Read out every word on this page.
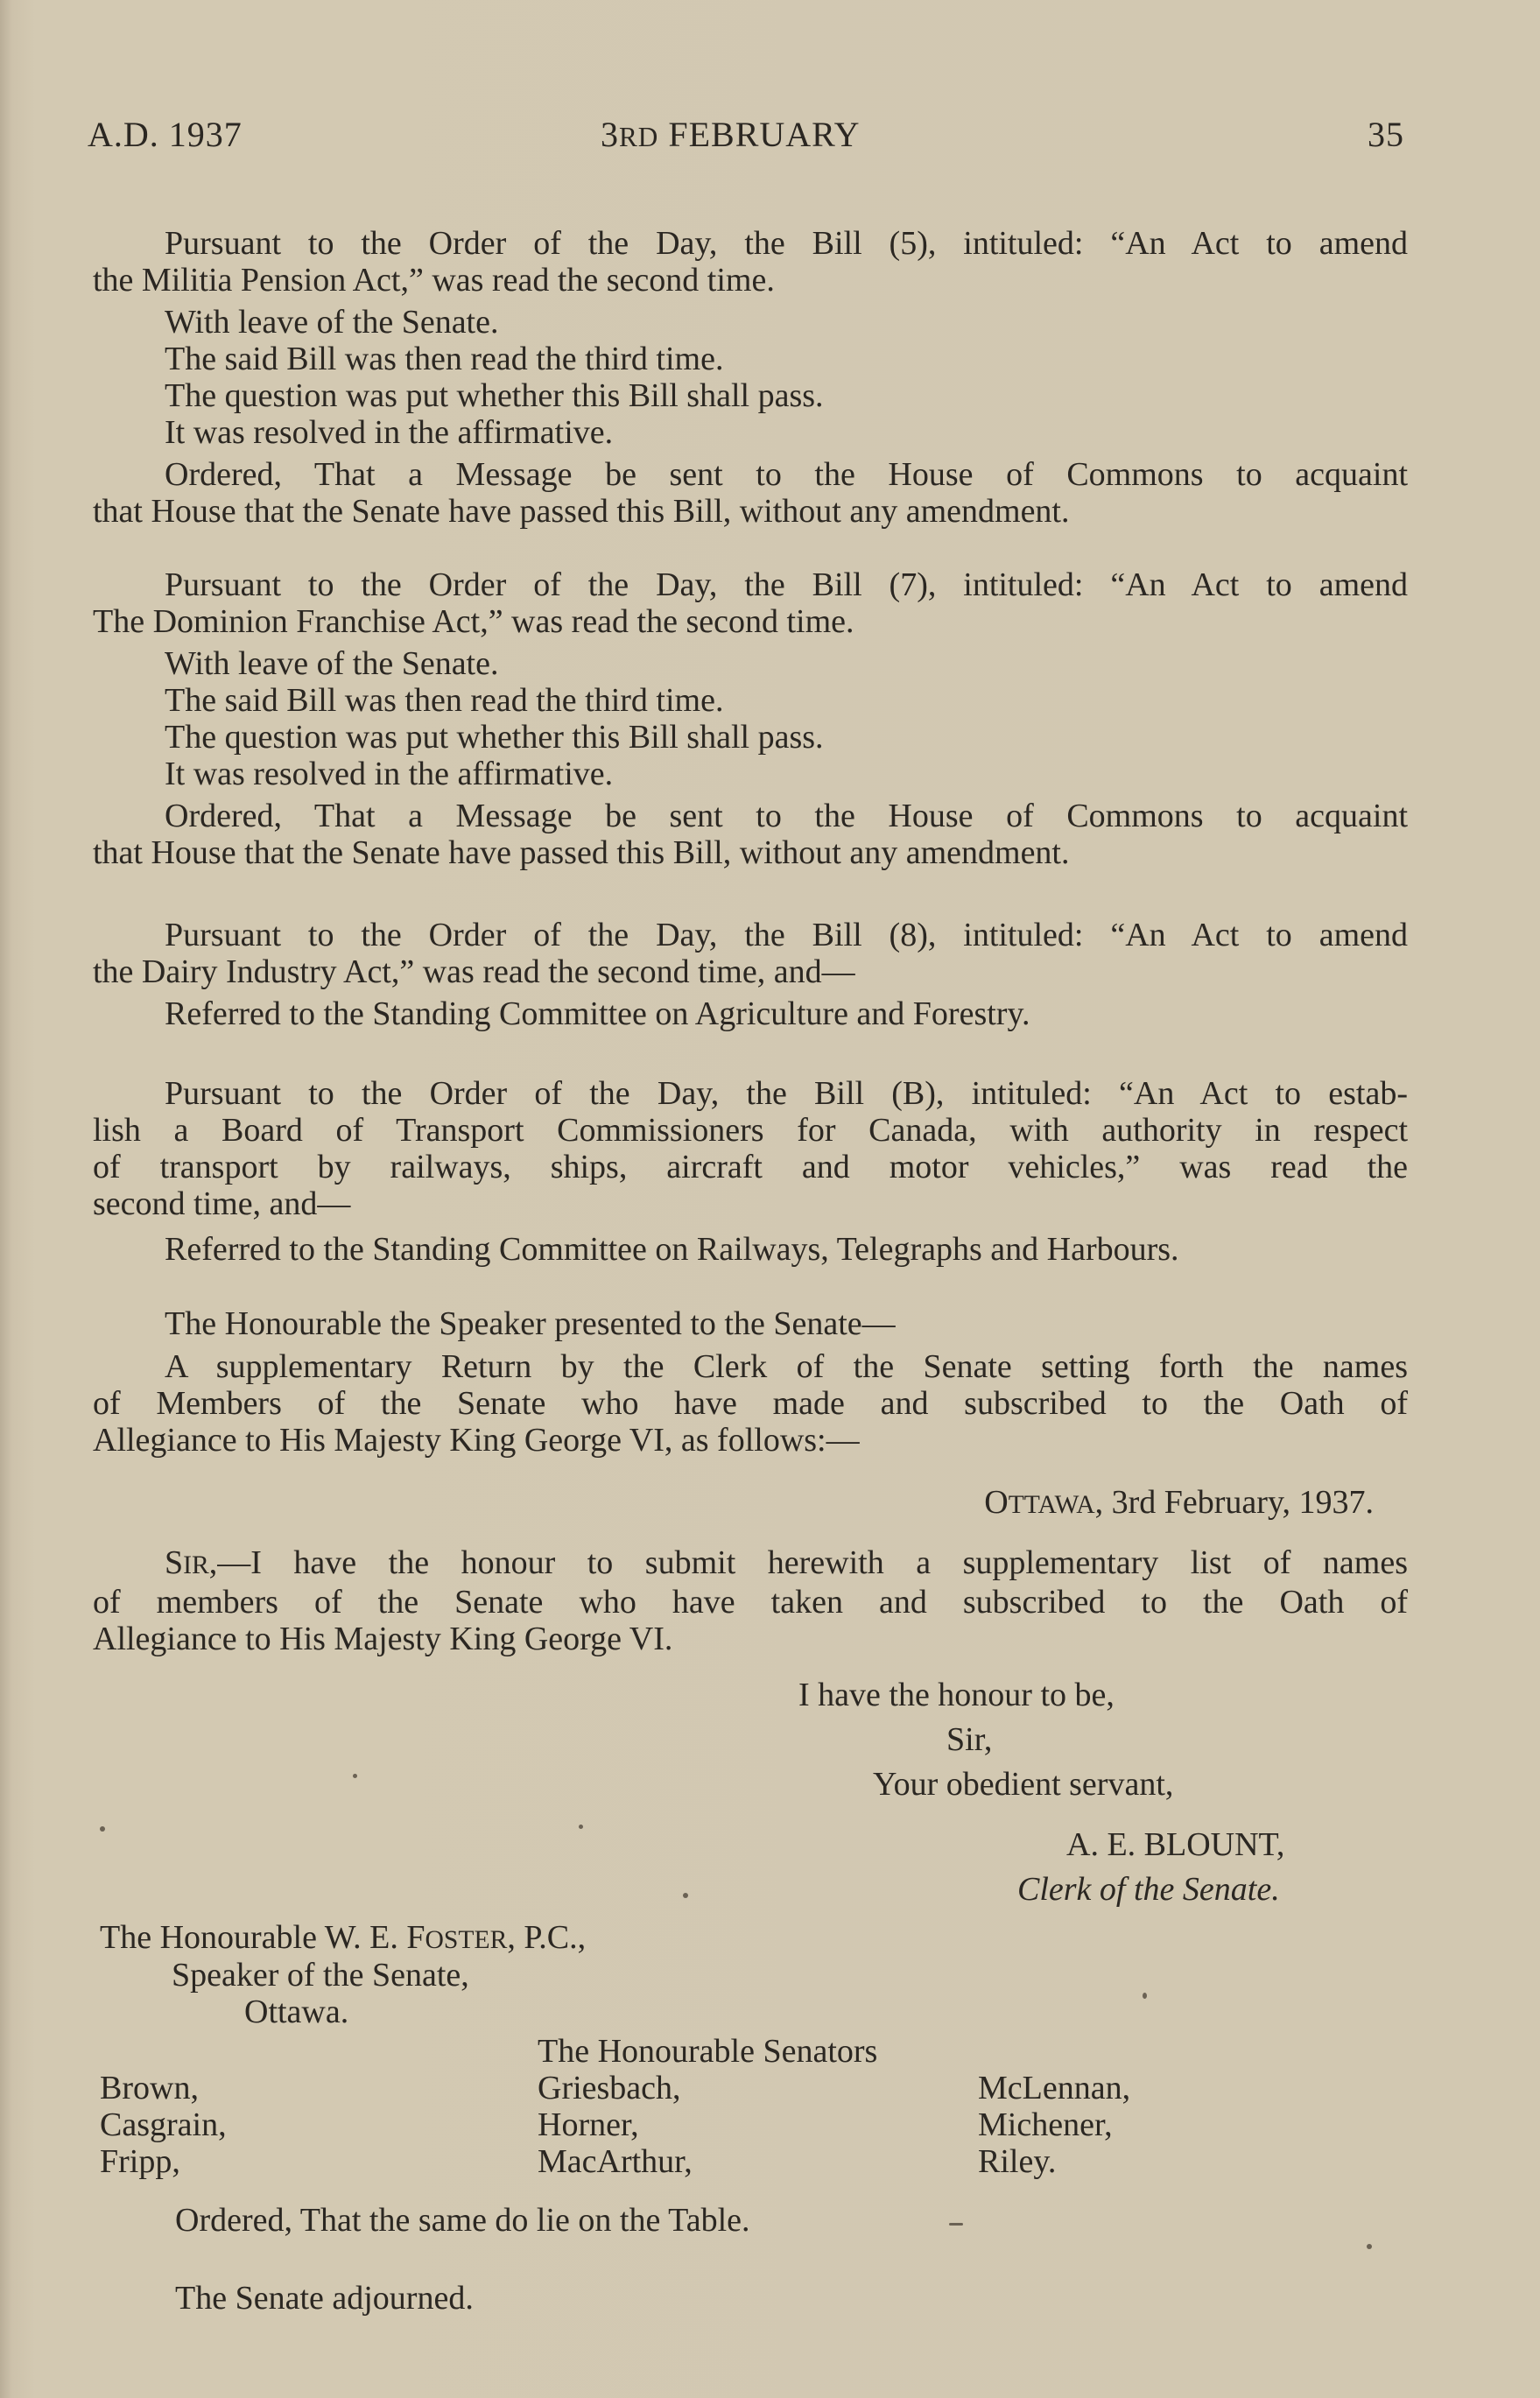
A.D. 1937	3RD FEBRUARY	35
Pursuant to the Order of the Day, the Bill (5), intituled: “An Act to amend
the Militia Pension Act,” was read the second time.
With leave of the Senate.
The said Bill was then read the third time.
The question was put whether this Bill shall pass.
It was resolved in the affirmative.
Ordered, That a Message be sent to the House of Commons to acquaint
that House that the Senate have passed this Bill, without any amendment.
Pursuant to the Order of the Day, the Bill (7), intituled: “An Act to amend
The Dominion Franchise Act,” was read the second time.
With leave of the Senate.
The said Bill was then read the third time.
The question was put whether this Bill shall pass.
It was resolved in the affirmative.
Ordered, That a Message be sent to the House of Commons to acquaint
that House that the Senate have passed this Bill, without any amendment.
Pursuant to the Order of the Day, the Bill (8), intituled: “An Act to amend
the Dairy Industry Act,” was read the second time, and—
Referred to the Standing Committee on Agriculture and Forestry.
Pursuant to the Order of the Day, the Bill (B), intituled: “An Act to estab-
lish a Board of Transport Commissioners for Canada, with authority in respect
of transport by railways, ships, aircraft and motor vehicles,” was read the
second time, and—
Referred to the Standing Committee on Railways, Telegraphs and Harbours.
The Honourable the Speaker presented to the Senate—
A supplementary Return by the Clerk of the Senate setting forth the names
of Members of the Senate who have made and subscribed to the Oath of
Allegiance to His Majesty King George VI, as follows:—
OTTAWA, 3rd February, 1937.
SIR,—I have the honour to submit herewith a supplementary list of names
of members of the Senate who have taken and subscribed to the Oath of
Allegiance to His Majesty King George VI.
I have the honour to be,
Sir,
Your obedient servant,
A. E. BLOUNT,
Clerk of the Senate.
The Honourable W. E. FOSTER, P.C.,
Speaker of the Senate,
Ottawa.
The Honourable Senators
Brown,
Casgrain,
Fripp,
Griesbach,
Horner,
MacArthur,
McLennan,
Michener,
Riley.
Ordered, That the same do lie on the Table.
The Senate adjourned.
